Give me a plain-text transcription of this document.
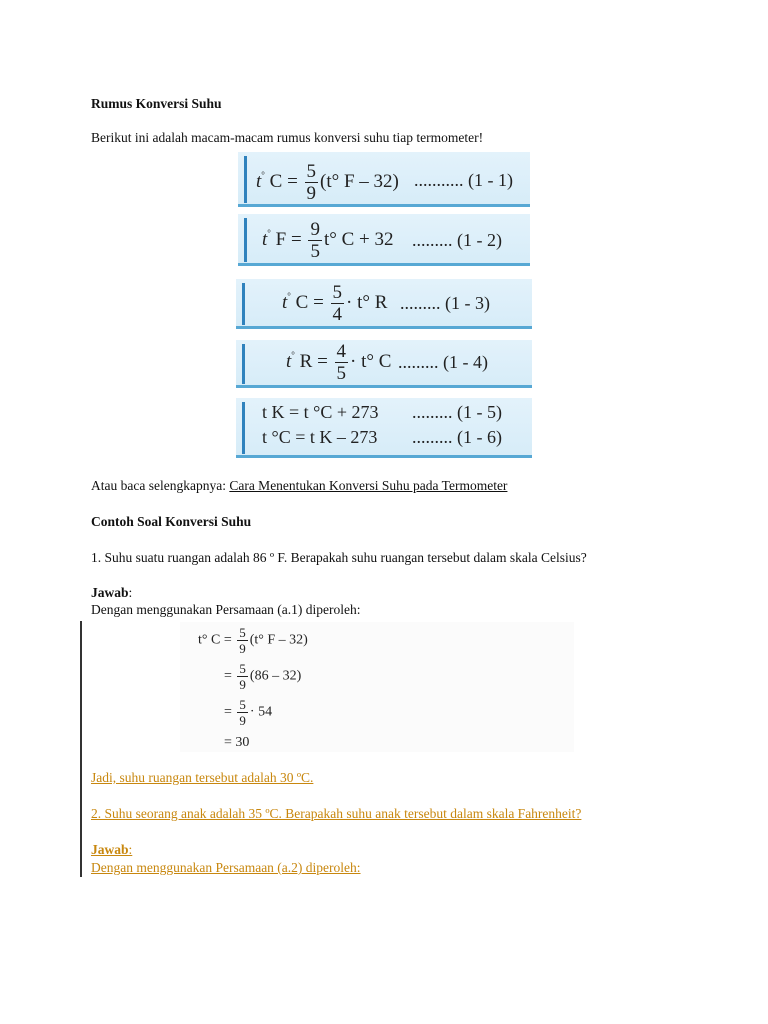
Rumus Konversi Suhu
Berikut ini adalah macam-macam rumus konversi suhu tiap termometer!
t° $C = \frac{5}{9} (t^\circ$ F – 32) ........... (1 - 1)
t° $F = \frac{9}{5} t^\circ$ C + 32 ......... (1 - 2)
t° $C = \frac{5}{4} \cdot t^\circ$ R ......... (1 - 3)
t° $R = \frac{4}{5} \cdot t^\circ$ C ......... (1 - 4)
t K = t °C + 273 ......... (1 - 5)
t °C = t K – 273 ......... (1 - 6)
Atau baca selengkapnya: Cara Menentukan Konversi Suhu pada Termometer
Contoh Soal Konversi Suhu
1. Suhu suatu ruangan adalah 86 º F. Berapakah suhu ruangan tersebut dalam skala Celsius?
Jawab:
Dengan menggunakan Persamaan (a.1) diperoleh:
t° $C = \frac{5}{9} (t^\circ$ F – 32)
= $\frac{5}{9} (86 - 32)$
= $\frac{5}{9} \cdot 54$
= 30
Jadi, suhu ruangan tersebut adalah 30 ºC.
2. Suhu seorang anak adalah 35 ºC. Berapakah suhu anak tersebut dalam skala Fahrenheit?
Jawab:
Dengan menggunakan Persamaan (a.2) diperoleh:
